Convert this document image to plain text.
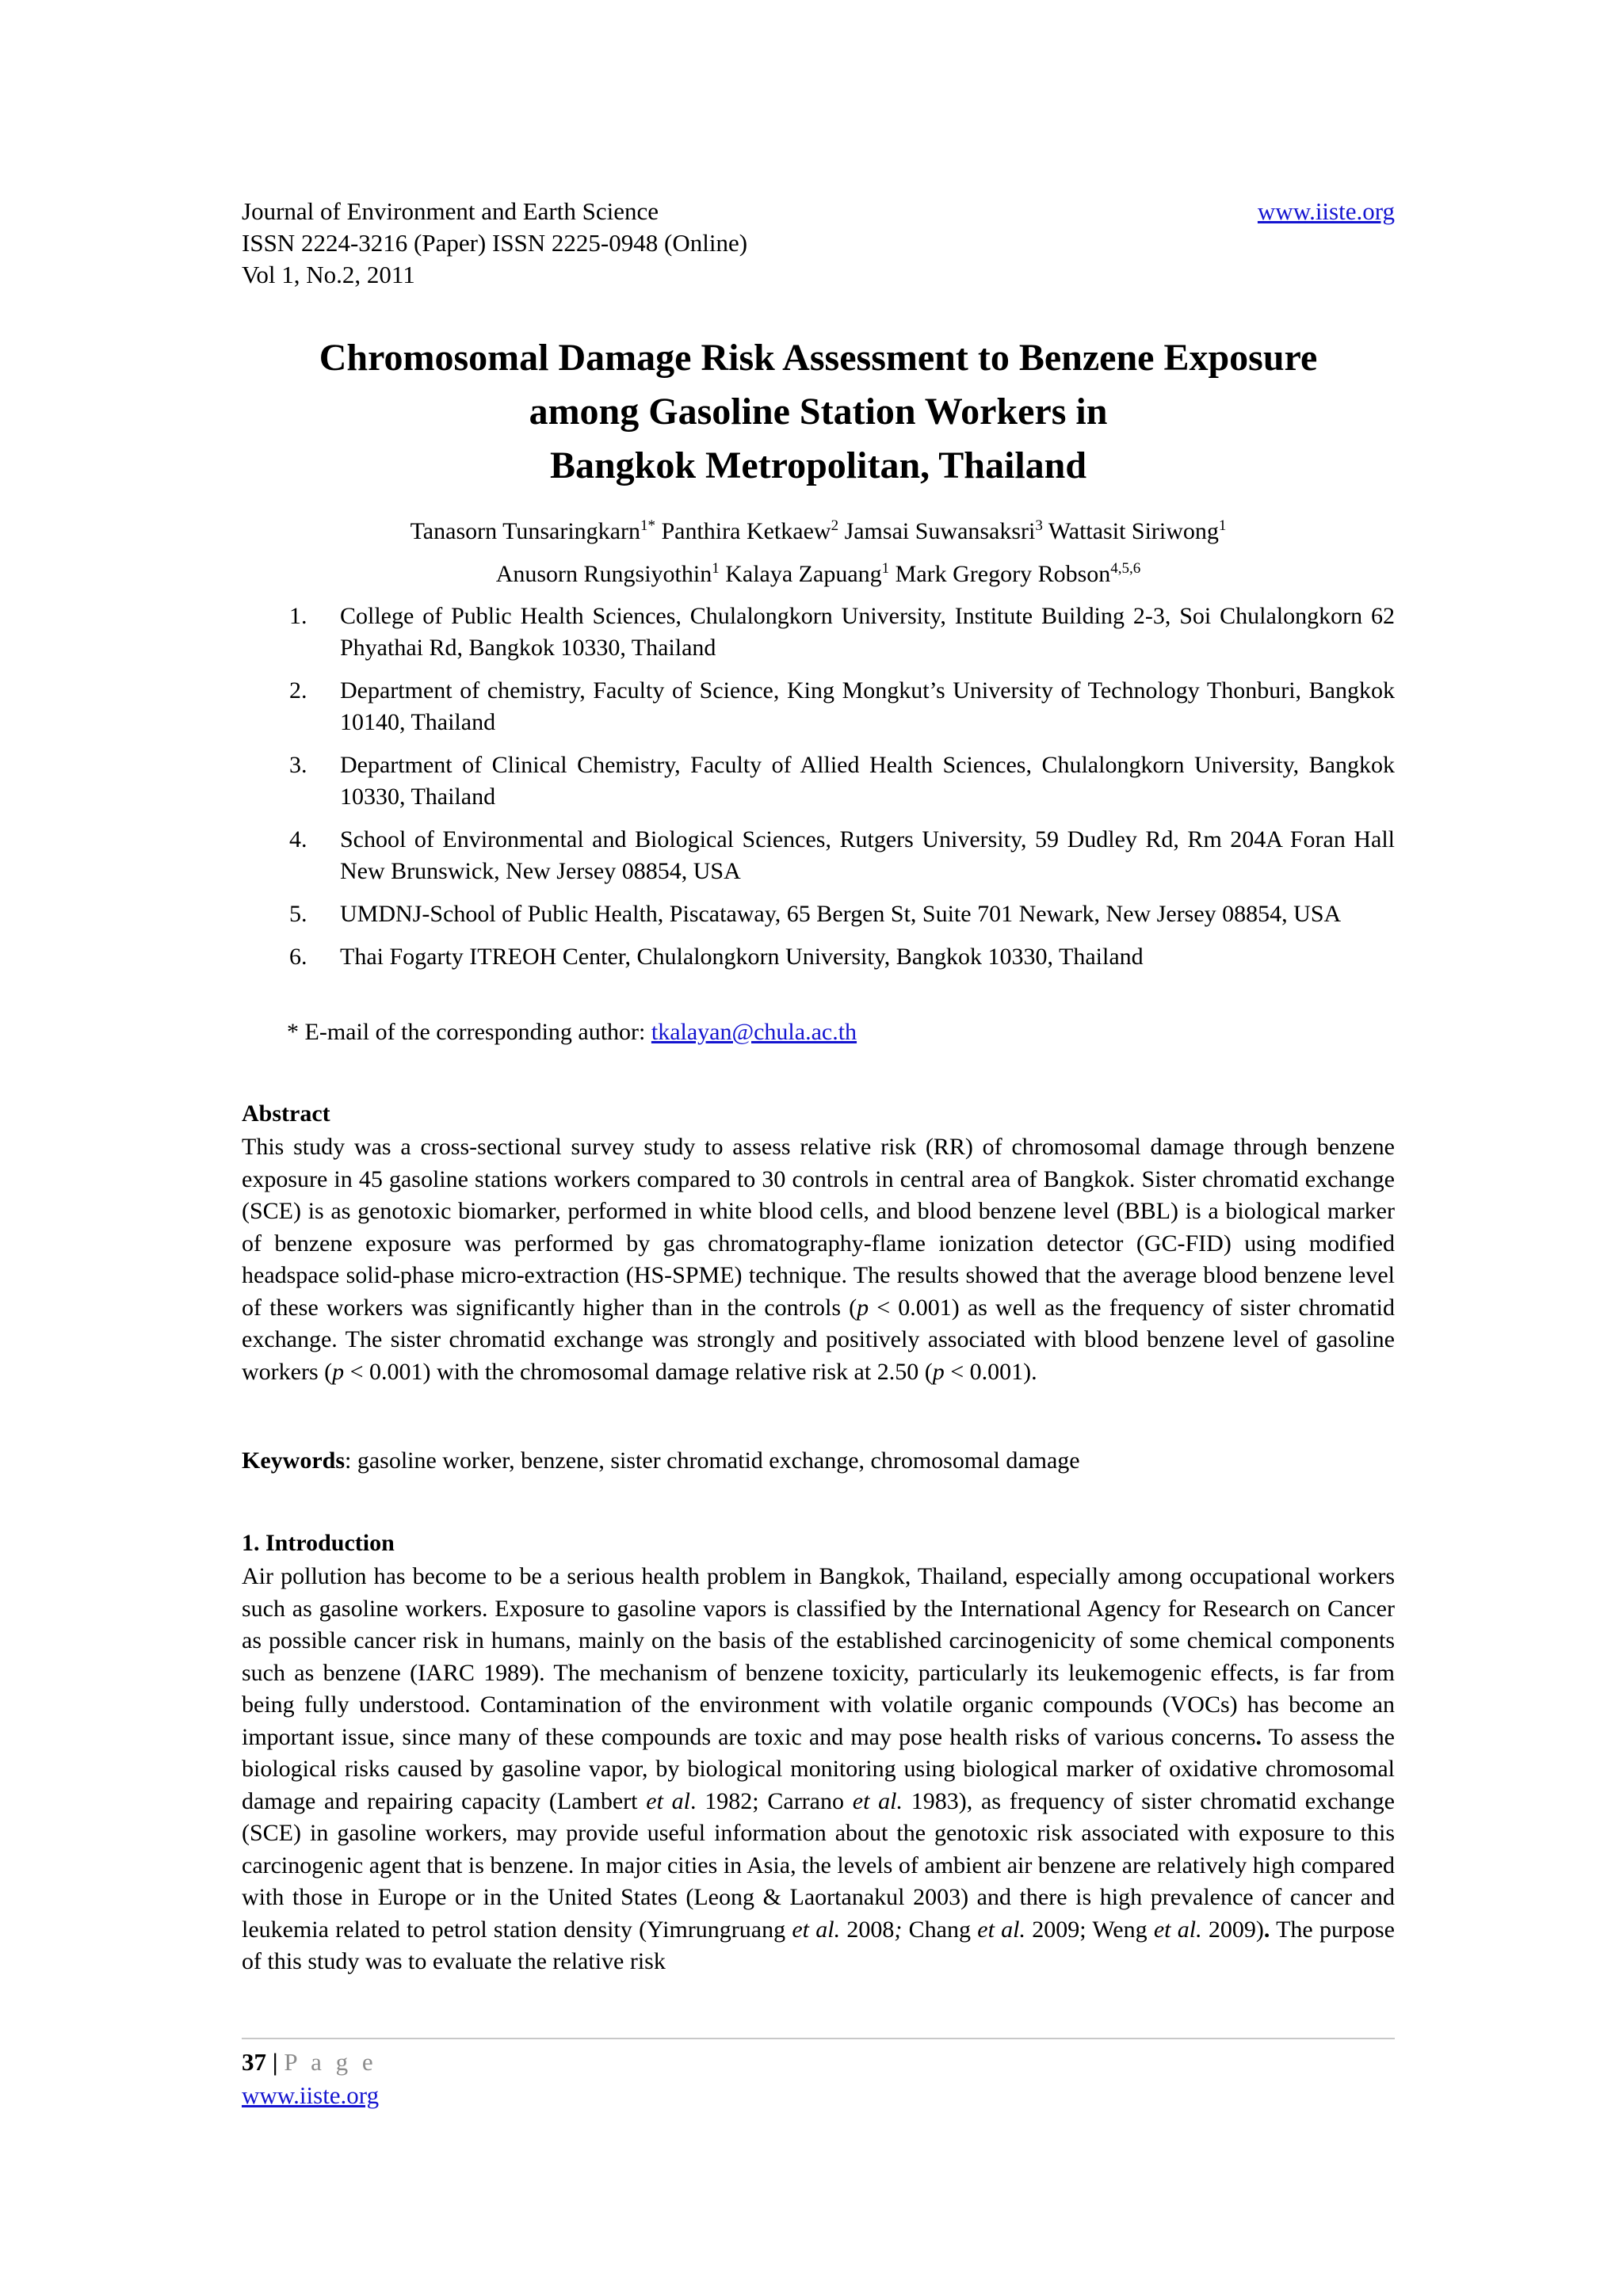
Journal of Environment and Earth Science
ISSN 2224-3216 (Paper) ISSN 2225-0948 (Online)
Vol 1, No.2, 2011
www.iiste.org
Chromosomal Damage Risk Assessment to Benzene Exposure
among Gasoline Station Workers in
Bangkok Metropolitan, Thailand
Tanasorn Tunsaringkarn$^{1*}$ Panthira Ketkaew$^2$ Jamsai Suwansaksri$^3$ Wattasit Siriwong$^1$
Anusorn Rungsiyothin$^1$ Kalaya Zapuang$^1$ Mark Gregory Robson$^{4,5,6}$
1.	College of Public Health Sciences, Chulalongkorn University, Institute Building 2-3, Soi Chulalongkorn 62 Phyathai Rd, Bangkok 10330, Thailand
2.	Department of chemistry, Faculty of Science, King Mongkut’s University of Technology Thonburi, Bangkok 10140, Thailand
3.	Department of Clinical Chemistry, Faculty of Allied Health Sciences, Chulalongkorn University, Bangkok 10330, Thailand
4.	School of Environmental and Biological Sciences, Rutgers University, 59 Dudley Rd, Rm 204A Foran Hall New Brunswick, New Jersey 08854, USA
5.	UMDNJ-School of Public Health, Piscataway, 65 Bergen St, Suite 701 Newark, New Jersey 08854, USA
6.	Thai Fogarty ITREOH Center, Chulalongkorn University, Bangkok 10330, Thailand
* E-mail of the corresponding author: tkalayan@chula.ac.th
Abstract
This study was a cross-sectional survey study to assess relative risk (RR) of chromosomal damage through benzene exposure in 45 gasoline stations workers compared to 30 controls in central area of Bangkok. Sister chromatid exchange (SCE) is as genotoxic biomarker, performed in white blood cells, and blood benzene level (BBL) is a biological marker of benzene exposure was performed by gas chromatography-flame ionization detector (GC-FID) using modified headspace solid-phase micro-extraction (HS-SPME) technique. The results showed that the average blood benzene level of these workers was significantly higher than in the controls (p < 0.001) as well as the frequency of sister chromatid exchange. The sister chromatid exchange was strongly and positively associated with blood benzene level of gasoline workers (p < 0.001) with the chromosomal damage relative risk at 2.50 (p < 0.001).
Keywords: gasoline worker, benzene, sister chromatid exchange, chromosomal damage
1. Introduction
Air pollution has become to be a serious health problem in Bangkok, Thailand, especially among occupational workers such as gasoline workers. Exposure to gasoline vapors is classified by the International Agency for Research on Cancer as possible cancer risk in humans, mainly on the basis of the established carcinogenicity of some chemical components such as benzene (IARC 1989). The mechanism of benzene toxicity, particularly its leukemogenic effects, is far from being fully understood. Contamination of the environment with volatile organic compounds (VOCs) has become an important issue, since many of these compounds are toxic and may pose health risks of various concerns. To assess the biological risks caused by gasoline vapor, by biological monitoring using biological marker of oxidative chromosomal damage and repairing capacity (Lambert et al. 1982; Carrano et al. 1983), as frequency of sister chromatid exchange (SCE) in gasoline workers, may provide useful information about the genotoxic risk associated with exposure to this carcinogenic agent that is benzene. In major cities in Asia, the levels of ambient air benzene are relatively high compared with those in Europe or in the United States (Leong & Laortanakul 2003) and there is high prevalence of cancer and leukemia related to petrol station density (Yimrungruang et al. 2008; Chang et al. 2009; Weng et al. 2009). The purpose of this study was to evaluate the relative risk
37 | P a g e
www.iiste.org
